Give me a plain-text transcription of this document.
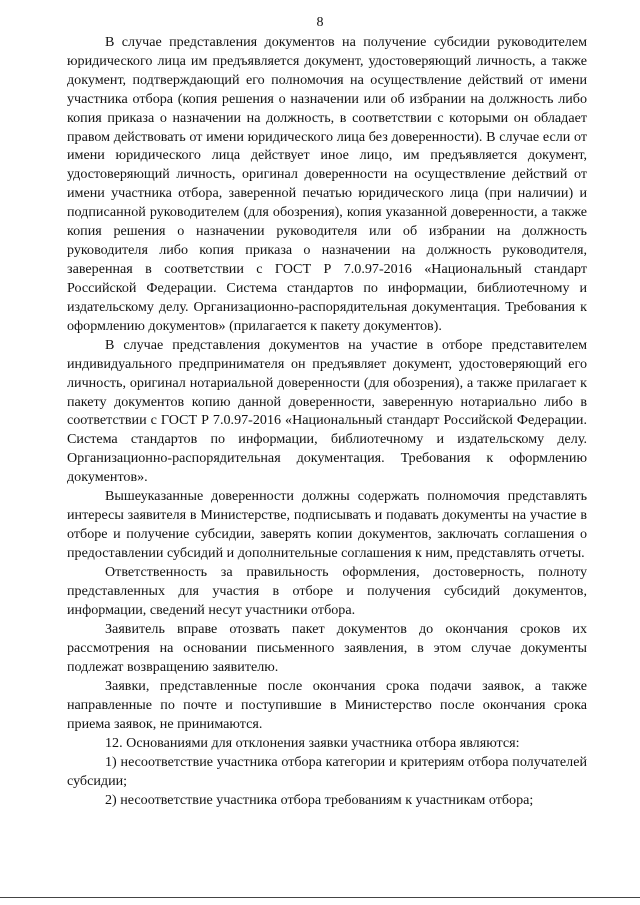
8

В случае представления документов на получение субсидии руководителем юридического лица им предъявляется документ, удостоверяющий личность, а также документ, подтверждающий его полномочия на осуществление действий от имени участника отбора (копия решения о назначении или об избрании на должность либо копия приказа о назначении на должность, в соответствии с которыми он обладает правом действовать от имени юридического лица без доверенности). В случае если от имени юридического лица действует иное лицо, им предъявляется документ, удостоверяющий личность, оригинал доверенности на осуществление действий от имени участника отбора, заверенной печатью юридического лица (при наличии) и подписанной руководителем (для обозрения), копия указанной доверенности, а также копия решения о назначении руководителя или об избрании на должность руководителя либо копия приказа о назначении на должность руководителя, заверенная в соответствии с ГОСТ Р 7.0.97-2016 «Национальный стандарт Российской Федерации. Система стандартов по информации, библиотечному и издательскому делу. Организационно-распорядительная документация. Требования к оформлению документов» (прилагается к пакету документов).

В случае представления документов на участие в отборе представителем индивидуального предпринимателя он предъявляет документ, удостоверяющий его личность, оригинал нотариальной доверенности (для обозрения), а также прилагает к пакету документов копию данной доверенности, заверенную нотариально либо в соответствии с ГОСТ Р 7.0.97-2016 «Национальный стандарт Российской Федерации. Система стандартов по информации, библиотечному и издательскому делу. Организационно-распорядительная документация. Требования к оформлению документов».

Вышеуказанные доверенности должны содержать полномочия представлять интересы заявителя в Министерстве, подписывать и подавать документы на участие в отборе и получение субсидии, заверять копии документов, заключать соглашения о предоставлении субсидий и дополнительные соглашения к ним, представлять отчеты.

Ответственность за правильность оформления, достоверность, полноту представленных для участия в отборе и получения субсидий документов, информации, сведений несут участники отбора.

Заявитель вправе отозвать пакет документов до окончания сроков их рассмотрения на основании письменного заявления, в этом случае документы подлежат возвращению заявителю.

Заявки, представленные после окончания срока подачи заявок, а также направленные по почте и поступившие в Министерство после окончания срока приема заявок, не принимаются.

12. Основаниями для отклонения заявки участника отбора являются:

1) несоответствие участника отбора категории и критериям отбора получателей субсидии;

2) несоответствие участника отбора требованиям к участникам отбора;
